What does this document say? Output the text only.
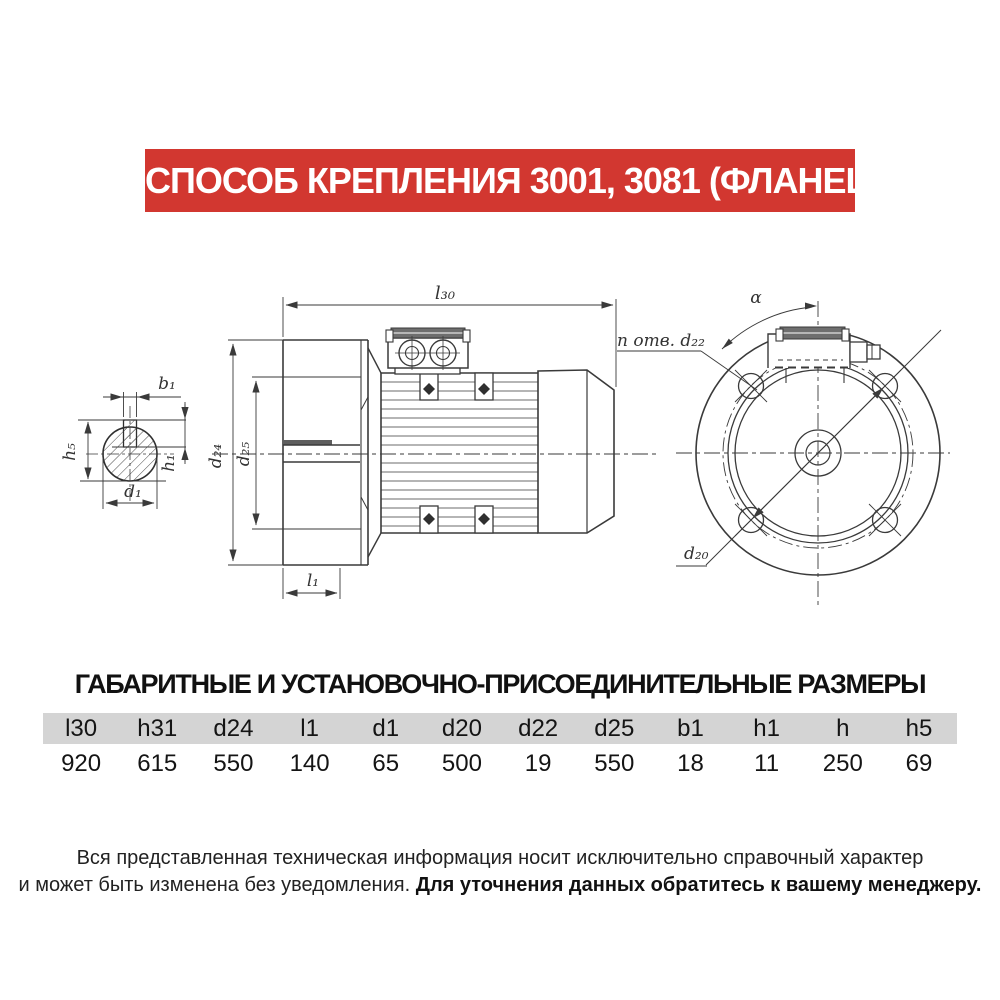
СПОСОБ КРЕПЛЕНИЯ 3001, 3081 (ФЛАНЕЦ)
b₁
h₅
h₁
d₁
l₃₀
d₂₄ d₂₅
l₁
α
n отв. d₂₂
d₂₀
ГАБАРИТНЫЕ И УСТАНОВОЧНО-ПРИСОЕДИНИТЕЛЬНЫЕ РАЗМЕРЫ
l30	h31	d24	l1	d1	d20	d22	d25	b1	h1	h	h5
920	615	550	140	65	500	19	550	18	11	250	69
Вся представленная техническая информация носит исключительно справочный характер
и может быть изменена без уведомления. Для уточнения данных обратитесь к вашему менеджеру.
